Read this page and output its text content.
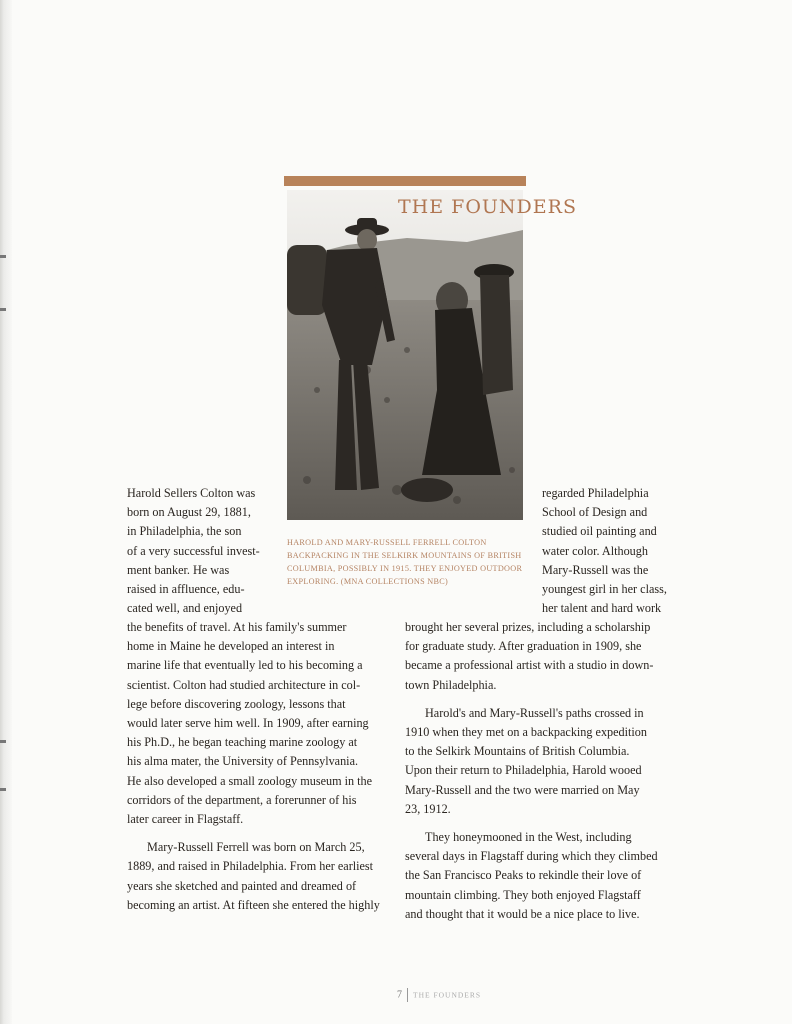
THE FOUNDERS
HAROLD AND MARY-RUSSELL FERRELL COLTON BACKPACKING IN THE SELKIRK MOUNTAINS OF BRITISH COLUMBIA, POSSIBLY IN 1915. THEY ENJOYED OUTDOOR EXPLORING. (MNA COLLECTIONS NBC)
Harold Sellers Colton was
born on August 29, 1881,
in Philadelphia, the son
of a very successful invest-
ment banker. He was
raised in affluence, edu-
cated well, and enjoyed
the benefits of travel. At his family's summer
home in Maine he developed an interest in
marine life that eventually led to his becoming a
scientist. Colton had studied architecture in col-
lege before discovering zoology, lessons that
would later serve him well. In 1909, after earning
his Ph.D., he began teaching marine zoology at
his alma mater, the University of Pennsylvania.
He also developed a small zoology museum in the
corridors of the department, a forerunner of his
later career in Flagstaff.
Mary-Russell Ferrell was born on March 25,
1889, and raised in Philadelphia. From her earliest
years she sketched and painted and dreamed of
becoming an artist. At fifteen she entered the highly
regarded Philadelphia
School of Design and
studied oil painting and
water color. Although
Mary-Russell was the
youngest girl in her class,
her talent and hard work
brought her several prizes, including a scholarship
for graduate study. After graduation in 1909, she
became a professional artist with a studio in down-
town Philadelphia.
Harold's and Mary-Russell's paths crossed in
1910 when they met on a backpacking expedition
to the Selkirk Mountains of British Columbia.
Upon their return to Philadelphia, Harold wooed
Mary-Russell and the two were married on May
23, 1912.
They honeymooned in the West, including
several days in Flagstaff during which they climbed
the San Francisco Peaks to rekindle their love of
mountain climbing. They both enjoyed Flagstaff
and thought that it would be a nice place to live.
7 THE FOUNDERS
